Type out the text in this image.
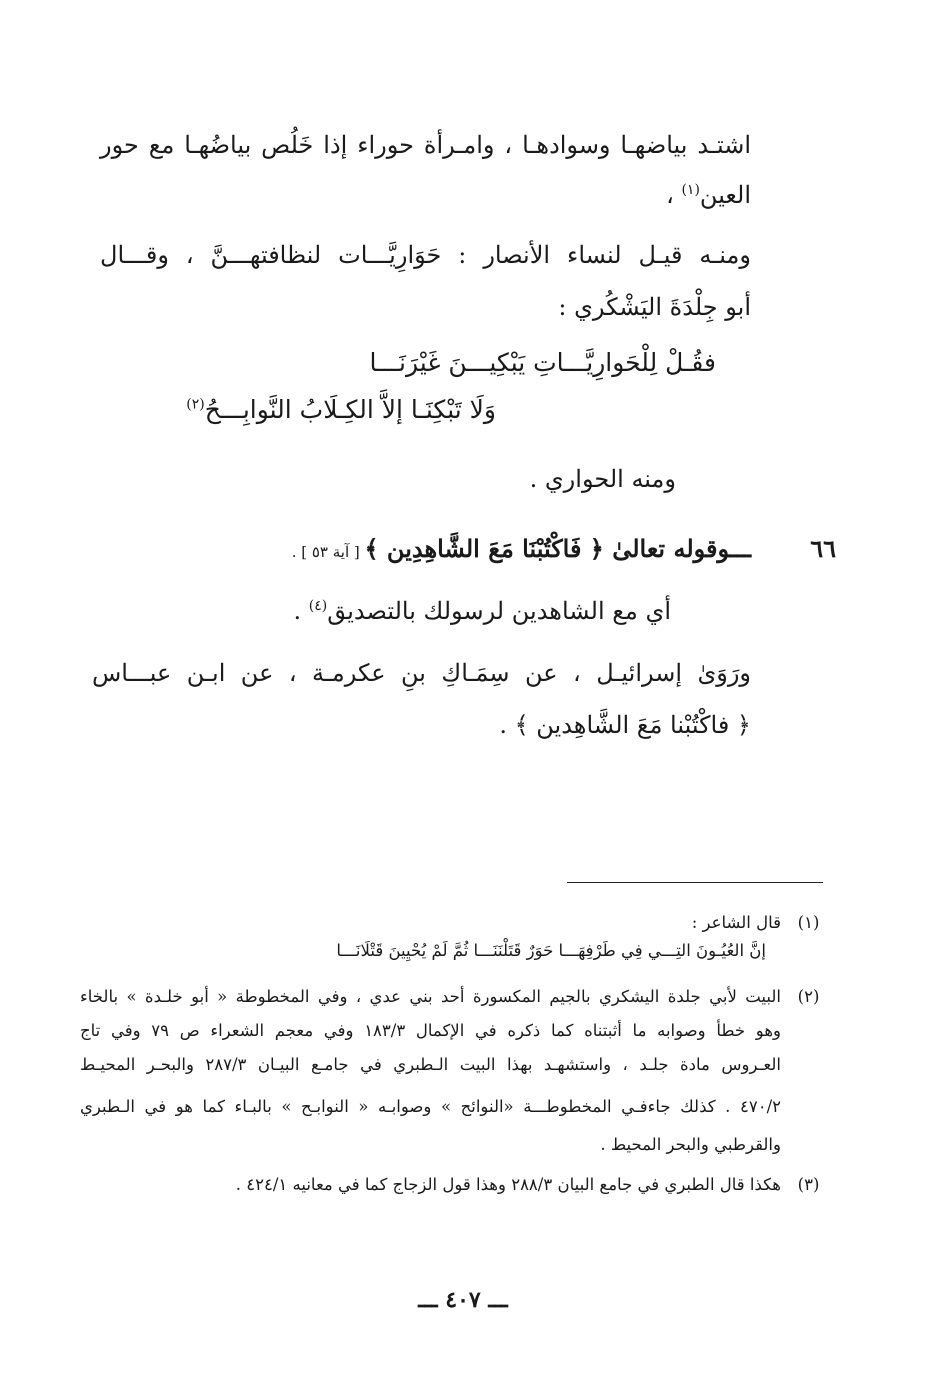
اشتـد بياضهـا وسوادهـا ، وامـرأة حوراء إذا خَلُص بياضُهـا مع حور
العين$^{(١)}$ ،
ومنـه قيـل لنساء الأنصار : حَوَارِيَّـــات لنظافتهـــنَّ ، وقـــال
أبو جِلْدَةَ اليَشْكُري :
فقُـلْ لِلْحَوارِيَّـــاتِ يَبْكِيـــنَ غَيْرَنَـــا
وَلَا تَبْكِنَـا إلاَّ الكِـلَابُ النَّوابِـــحُ$^{(٢)}$
ومنه الحواري .
٦٦
ـــوقوله تعالىٰ ﴿ فَاكْتُبْنَا مَعَ الشَّاهِدِين ﴾ [ آية ٥٣ ] .
أي مع الشاهدين لرسولك بالتصديق$^{(٤)}$ .
ورَوَىٰ إسرائيـل ، عن سِمَـاكِ بنِ عكرمـة ، عن ابـن عبـــاس
﴿ فاكْتُبْنا مَعَ الشَّاهِدين ﴾ .
(١)
قال الشاعر :
إنَّ العُيُـونَ التِـــي فِي طَرْفِهَـــا حَوَرٌ قَتَلْنَنَـــا ثُمَّ لَمْ يُحْيِينَ قَتْلَانَـــا
(٢)
البيت لأبي جلدة اليشكري بالجيم المكسورة أحد بني عدي ، وفي المخطوطة « أبو خلـدة » بالخاء
وهو خطأ وصوابه ما أثبتناه كما ذكره في الإكمال ١٨٣/٣ وفي معجم الشعراء ص ٧٩ وفي تاج
العـروس مادة جلـد ، واستشهـد بهذا البيت الـطبري في جامـع البيـان ٢٨٧/٣ والبحـر المحيـط
٤٧٠/٢ . كذلك جاءفـي المخطوطـــة «النوائح » وصوابـه « النوابـح » بالبـاء كما هو في الـطبري
والقرطبي والبحر المحيط .
(٣)
هكذا قال الطبري في جامع البيان ٢٨٨/٣ وهذا قول الزجاج كما في معانيه ٤٢٤/١ .
ـــ ٤٠٧ ـــ
